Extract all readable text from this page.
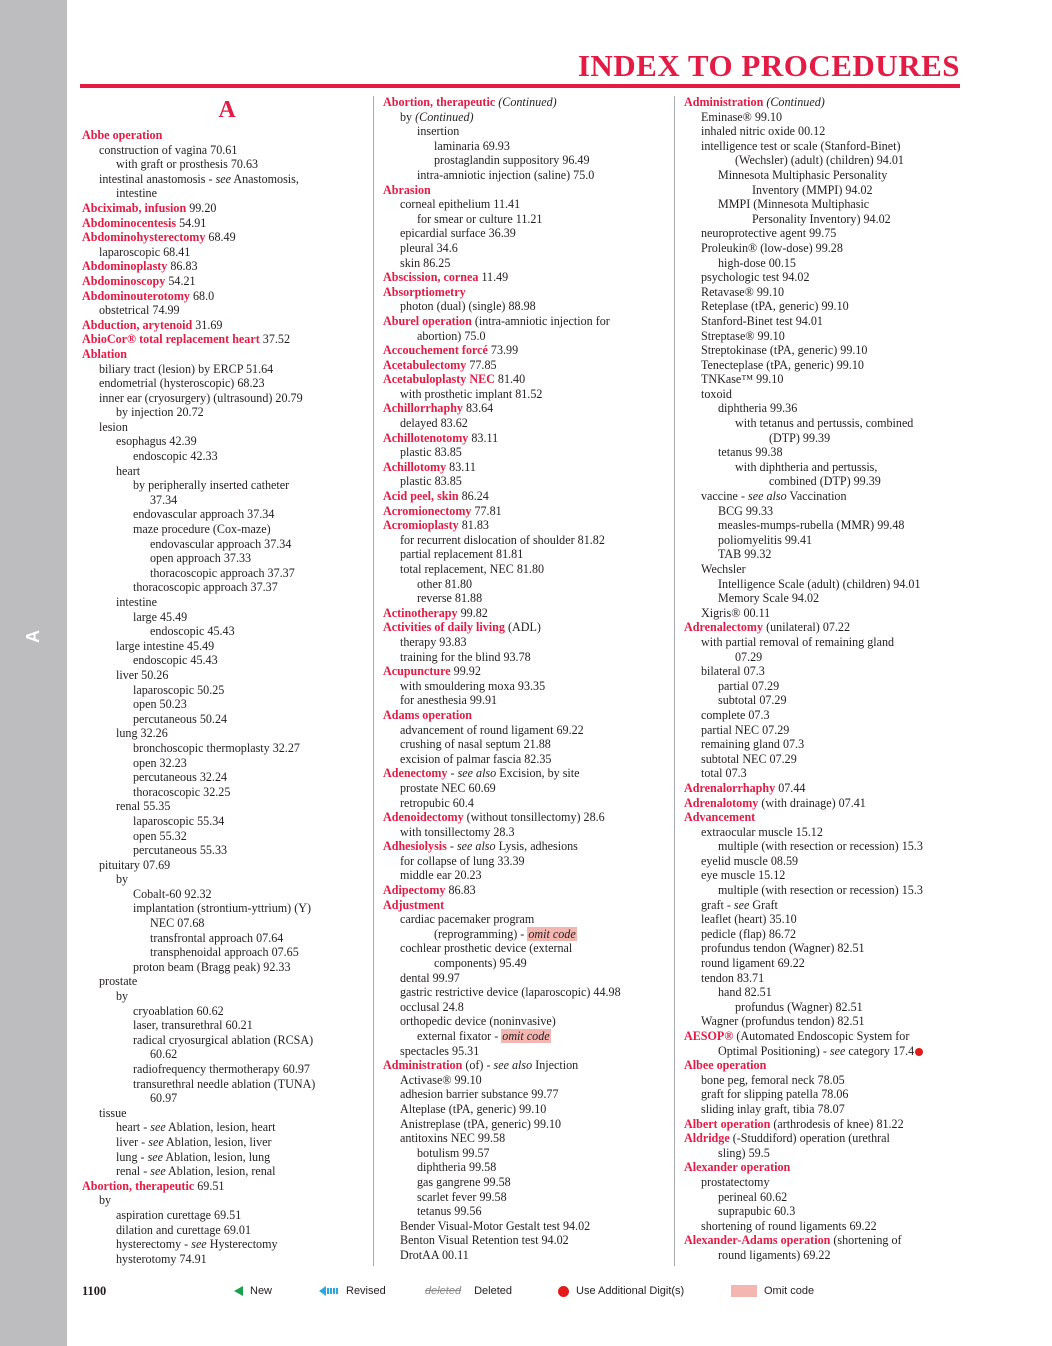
A
INDEX TO PROCEDURES
A
Abbe operation
construction of vagina 70.61
with graft or prosthesis 70.63
intestinal anastomosis - see Anastomosis,
intestine
Abciximab, infusion 99.20
Abdominocentesis 54.91
Abdominohysterectomy 68.49
laparoscopic 68.41
Abdominoplasty 86.83
Abdominoscopy 54.21
Abdominouterotomy 68.0
obstetrical 74.99
Abduction, arytenoid 31.69
AbioCor® total replacement heart 37.52
Ablation
biliary tract (lesion) by ERCP 51.64
endometrial (hysteroscopic) 68.23
inner ear (cryosurgery) (ultrasound) 20.79
by injection 20.72
lesion
esophagus 42.39
endoscopic 42.33
heart
by peripherally inserted catheter
37.34
endovascular approach 37.34
maze procedure (Cox-maze)
endovascular approach 37.34
open approach 37.33
thoracoscopic approach 37.37
thoracoscopic approach 37.37
intestine
large 45.49
endoscopic 45.43
large intestine 45.49
endoscopic 45.43
liver 50.26
laparoscopic 50.25
open 50.23
percutaneous 50.24
lung 32.26
bronchoscopic thermoplasty 32.27
open 32.23
percutaneous 32.24
thoracoscopic 32.25
renal 55.35
laparoscopic 55.34
open 55.32
percutaneous 55.33
pituitary 07.69
by
Cobalt-60 92.32
implantation (strontium-yttrium) (Y)
NEC 07.68
transfrontal approach 07.64
transphenoidal approach 07.65
proton beam (Bragg peak) 92.33
prostate
by
cryoablation 60.62
laser, transurethral 60.21
radical cryosurgical ablation (RCSA)
60.62
radiofrequency thermotherapy 60.97
transurethral needle ablation (TUNA)
60.97
tissue
heart - see Ablation, lesion, heart
liver - see Ablation, lesion, liver
lung - see Ablation, lesion, lung
renal - see Ablation, lesion, renal
Abortion, therapeutic 69.51
by
aspiration curettage 69.51
dilation and curettage 69.01
hysterectomy - see Hysterectomy
hysterotomy 74.91
Abortion, therapeutic (Continued)
by (Continued)
insertion
laminaria 69.93
prostaglandin suppository 96.49
intra-amniotic injection (saline) 75.0
Abrasion
corneal epithelium 11.41
for smear or culture 11.21
epicardial surface 36.39
pleural 34.6
skin 86.25
Abscission, cornea 11.49
Absorptiometry
photon (dual) (single) 88.98
Aburel operation (intra-amniotic injection for
abortion) 75.0
Accouchement forcé 73.99
Acetabulectomy 77.85
Acetabuloplasty NEC 81.40
with prosthetic implant 81.52
Achillorrhaphy 83.64
delayed 83.62
Achillotenotomy 83.11
plastic 83.85
Achillotomy 83.11
plastic 83.85
Acid peel, skin 86.24
Acromionectomy 77.81
Acromioplasty 81.83
for recurrent dislocation of shoulder 81.82
partial replacement 81.81
total replacement, NEC 81.80
other 81.80
reverse 81.88
Actinotherapy 99.82
Activities of daily living (ADL)
therapy 93.83
training for the blind 93.78
Acupuncture 99.92
with smouldering moxa 93.35
for anesthesia 99.91
Adams operation
advancement of round ligament 69.22
crushing of nasal septum 21.88
excision of palmar fascia 82.35
Adenectomy - see also Excision, by site
prostate NEC 60.69
retropubic 60.4
Adenoidectomy (without tonsillectomy) 28.6
with tonsillectomy 28.3
Adhesiolysis - see also Lysis, adhesions
for collapse of lung 33.39
middle ear 20.23
Adipectomy 86.83
Adjustment
cardiac pacemaker program
(reprogramming) - omit code
cochlear prosthetic device (external
components) 95.49
dental 99.97
gastric restrictive device (laparoscopic) 44.98
occlusal 24.8
orthopedic device (noninvasive)
external fixator - omit code
spectacles 95.31
Administration (of) - see also Injection
Activase® 99.10
adhesion barrier substance 99.77
Alteplase (tPA, generic) 99.10
Anistreplase (tPA, generic) 99.10
antitoxins NEC 99.58
botulism 99.57
diphtheria 99.58
gas gangrene 99.58
scarlet fever 99.58
tetanus 99.56
Bender Visual-Motor Gestalt test 94.02
Benton Visual Retention test 94.02
DrotAA 00.11
Administration (Continued)
Eminase® 99.10
inhaled nitric oxide 00.12
intelligence test or scale (Stanford-Binet)
(Wechsler) (adult) (children) 94.01
Minnesota Multiphasic Personality
Inventory (MMPI) 94.02
MMPI (Minnesota Multiphasic
Personality Inventory) 94.02
neuroprotective agent 99.75
Proleukin® (low-dose) 99.28
high-dose 00.15
psychologic test 94.02
Retavase® 99.10
Reteplase (tPA, generic) 99.10
Stanford-Binet test 94.01
Streptase® 99.10
Streptokinase (tPA, generic) 99.10
Tenecteplase (tPA, generic) 99.10
TNKase™ 99.10
toxoid
diphtheria 99.36
with tetanus and pertussis, combined
(DTP) 99.39
tetanus 99.38
with diphtheria and pertussis,
combined (DTP) 99.39
vaccine - see also Vaccination
BCG 99.33
measles-mumps-rubella (MMR) 99.48
poliomyelitis 99.41
TAB 99.32
Wechsler
Intelligence Scale (adult) (children) 94.01
Memory Scale 94.02
Xigris® 00.11
Adrenalectomy (unilateral) 07.22
with partial removal of remaining gland
07.29
bilateral 07.3
partial 07.29
subtotal 07.29
complete 07.3
partial NEC 07.29
remaining gland 07.3
subtotal NEC 07.29
total 07.3
Adrenalorrhaphy 07.44
Adrenalotomy (with drainage) 07.41
Advancement
extraocular muscle 15.12
multiple (with resection or recession) 15.3
eyelid muscle 08.59
eye muscle 15.12
multiple (with resection or recession) 15.3
graft - see Graft
leaflet (heart) 35.10
pedicle (flap) 86.72
profundus tendon (Wagner) 82.51
round ligament 69.22
tendon 83.71
hand 82.51
profundus (Wagner) 82.51
Wagner (profundus tendon) 82.51
AESOP® (Automated Endoscopic System for
Optimal Positioning) - see category 17.4
Albee operation
bone peg, femoral neck 78.05
graft for slipping patella 78.06
sliding inlay graft, tibia 78.07
Albert operation (arthrodesis of knee) 81.22
Aldridge (-Studdiford) operation (urethral
sling) 59.5
Alexander operation
prostatectomy
perineal 60.62
suprapubic 60.3
shortening of round ligaments 69.22
Alexander-Adams operation (shortening of
round ligaments) 69.22
1100	New	Revised	deleted Deleted	Use Additional Digit(s)	Omit code
